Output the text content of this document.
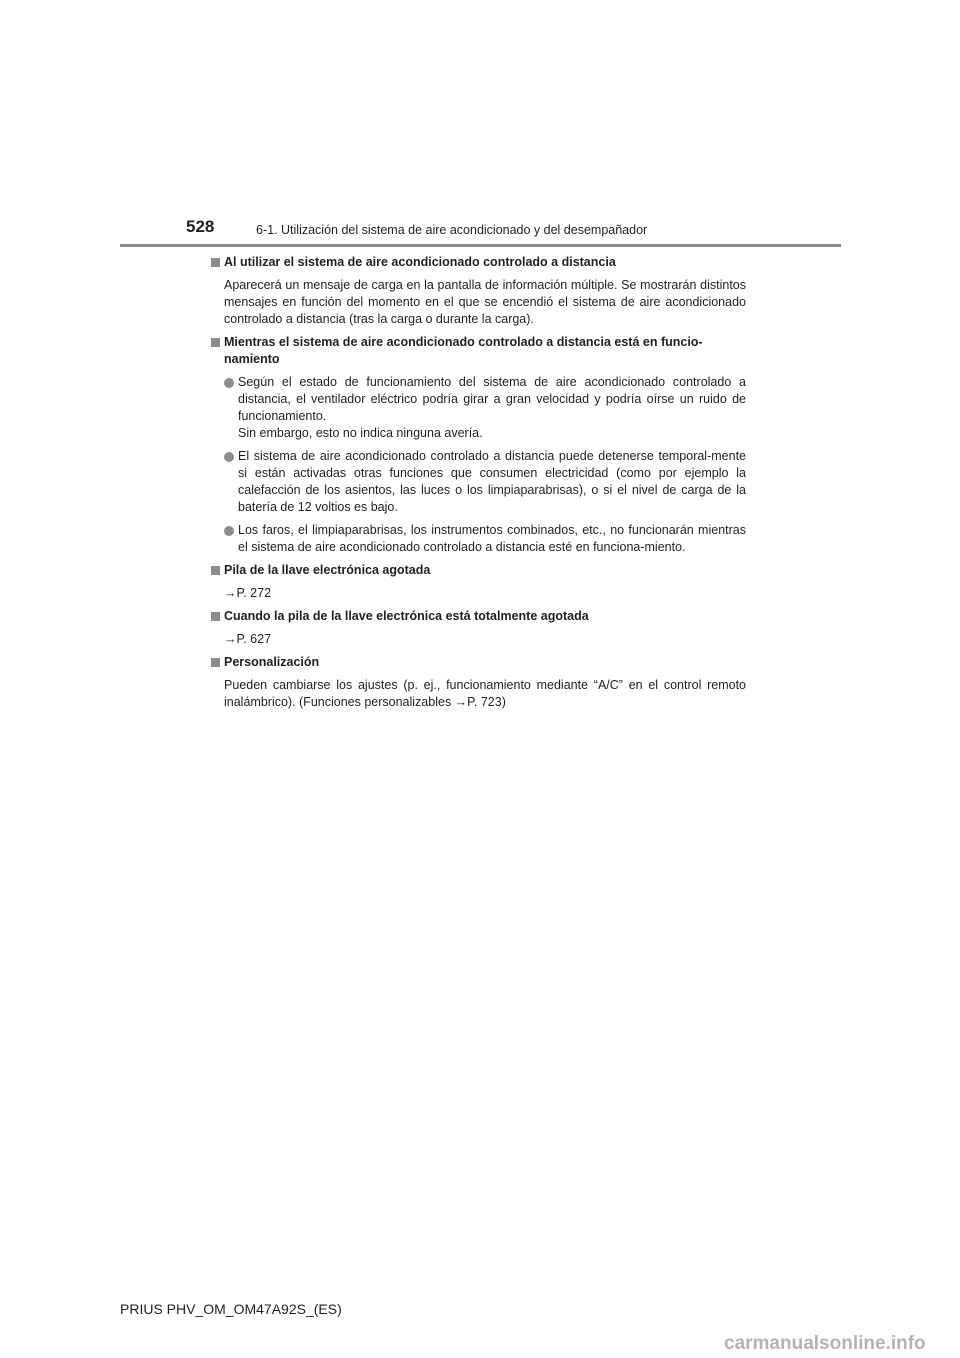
528	6-1. Utilización del sistema de aire acondicionado y del desempañador
Al utilizar el sistema de aire acondicionado controlado a distancia
Aparecerá un mensaje de carga en la pantalla de información múltiple. Se mostrarán distintos mensajes en función del momento en el que se encendió el sistema de aire acondicionado controlado a distancia (tras la carga o durante la carga).
Mientras el sistema de aire acondicionado controlado a distancia está en funcio-namiento
Según el estado de funcionamiento del sistema de aire acondicionado controlado a distancia, el ventilador eléctrico podría girar a gran velocidad y podría oírse un ruido de funcionamiento.
Sin embargo, esto no indica ninguna avería.
El sistema de aire acondicionado controlado a distancia puede detenerse temporal-mente si están activadas otras funciones que consumen electricidad (como por ejemplo la calefacción de los asientos, las luces o los limpiaparabrisas), o si el nivel de carga de la batería de 12 voltios es bajo.
Los faros, el limpiaparabrisas, los instrumentos combinados, etc., no funcionarán mientras el sistema de aire acondicionado controlado a distancia esté en funciona-miento.
Pila de la llave electrónica agotada
→P. 272
Cuando la pila de la llave electrónica está totalmente agotada
→P. 627
Personalización
Pueden cambiarse los ajustes (p. ej., funcionamiento mediante “A/C” en el control remoto inalámbrico). (Funciones personalizables →P. 723)
PRIUS PHV_OM_OM47A92S_(ES)
carmanualsonline.info
